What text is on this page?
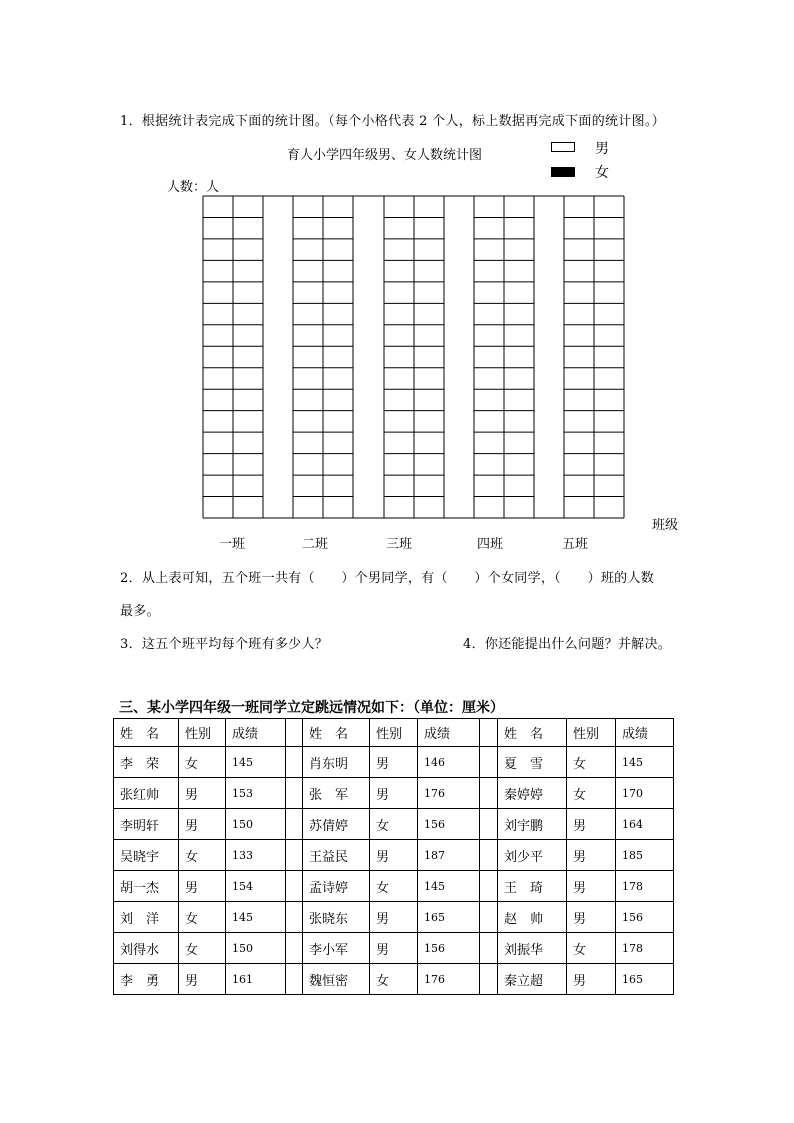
1．根据统计表完成下面的统计图。（每个小格代表 2 个人，标上数据再完成下面的统计图。）
育人小学四年级男、女人数统计图	男
女
人数：人
班级
一班	二班	三班	四班	五班
2．从上表可知，五个班一共有（　　）个男同学，有（　　）个女同学，（　　）班的人数
最多。
3．这五个班平均每个班有多少人？	4．你还能提出什么问题？并解决。
三、某小学四年级一班同学立定跳远情况如下：（单位：厘米）
姓　名	性别	成绩		姓　名	性别	成绩		姓　名	性别	成绩
李　荣	女	145		肖东明	男	146		夏　雪	女	145
张红帅	男	153		张　军	男	176		秦婷婷	女	170
李明轩	男	150		苏倩婷	女	156		刘宇鹏	男	164
吴晓宇	女	133		王益民	男	187		刘少平	男	185
胡一杰	男	154		孟诗婷	女	145		王　琦	男	178
刘　洋	女	145		张晓东	男	165		赵　帅	男	156
刘得水	女	150		李小军	男	156		刘振华	女	178
李　勇	男	161		魏恒密	女	176		秦立超	男	165
